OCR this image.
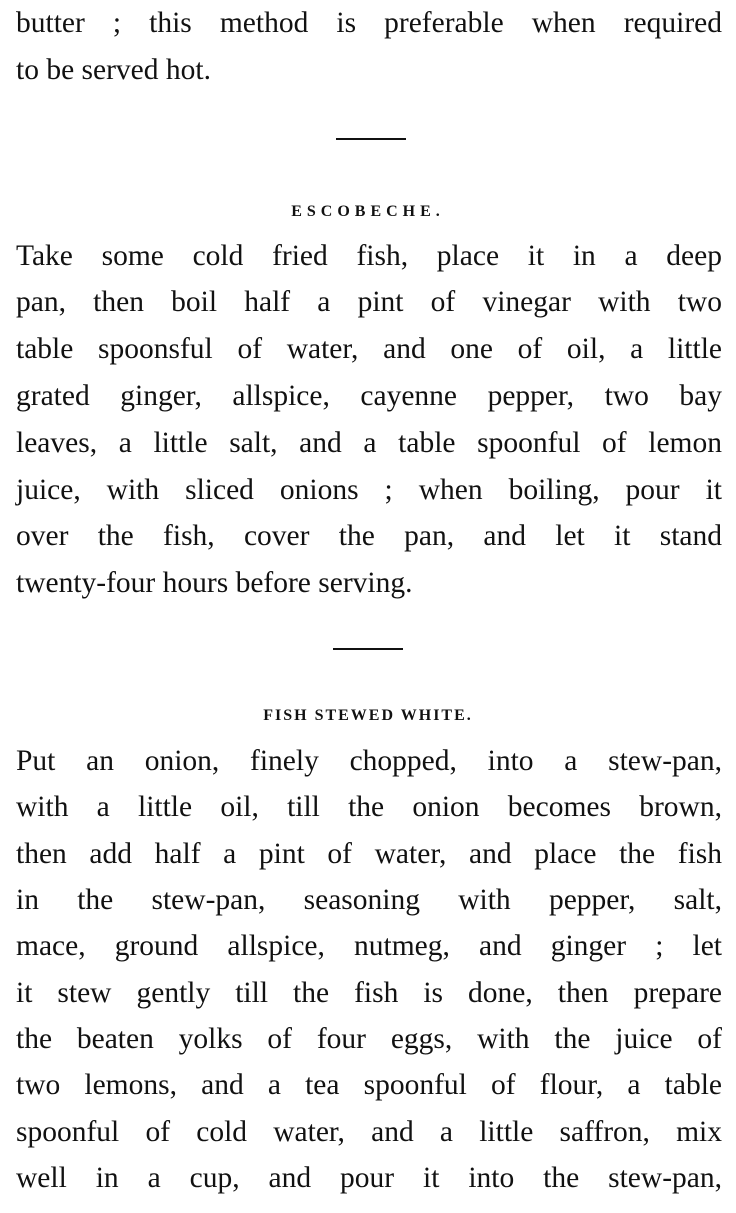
butter ; this method is preferable when required
to be served hot.
ESCOBECHE.
Take some cold fried fish, place it in a deep
pan, then boil half a pint of vinegar with two
table spoonsful of water, and one of oil, a little
grated ginger, allspice, cayenne pepper, two bay
leaves, a little salt, and a table spoonful of lemon
juice, with sliced onions ; when boiling, pour it
over the fish, cover the pan, and let it stand
twenty-four hours before serving.
FISH STEWED WHITE.
Put an onion, finely chopped, into a stew-pan,
with a little oil, till the onion becomes brown,
then add half a pint of water, and place the fish
in the stew-pan, seasoning with pepper, salt,
mace, ground allspice, nutmeg, and ginger ; let
it stew gently till the fish is done, then prepare
the beaten yolks of four eggs, with the juice of
two lemons, and a tea spoonful of flour, a table
spoonful of cold water, and a little saffron, mix
well in a cup, and pour it into the stew-pan,
